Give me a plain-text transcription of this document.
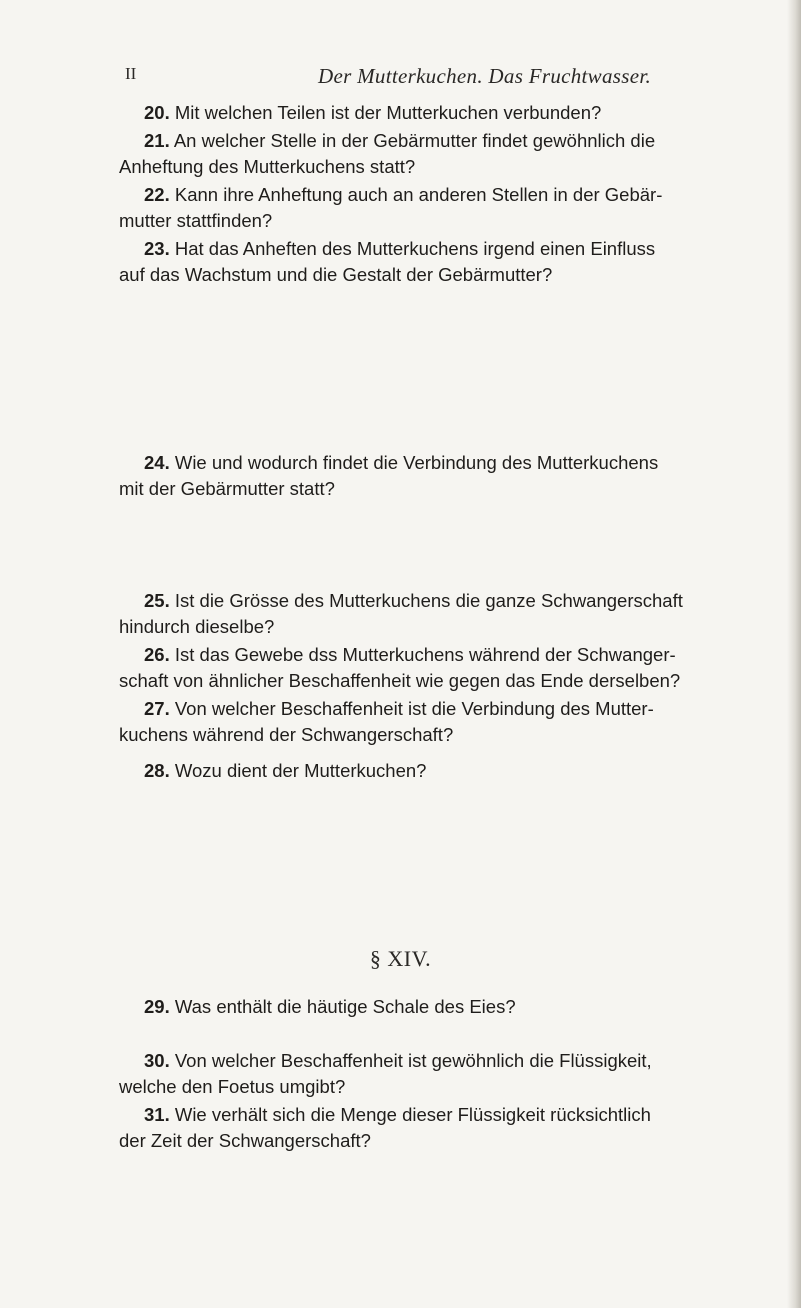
II	Der Mutterkuchen. Das Fruchtwasser.

20. Mit welchen Teilen ist der Mutterkuchen verbunden?

21. An welcher Stelle in der Gebärmutter findet gewöhnlich die
Anheftung des Mutterkuchens statt?

22. Kann ihre Anheftung auch an anderen Stellen in der Gebär-
mutter stattfinden?

23. Hat das Anheften des Mutterkuchens irgend einen Einfluss
auf das Wachstum und die Gestalt der Gebärmutter?

24. Wie und wodurch findet die Verbindung des Mutterkuchens
mit der Gebärmutter statt?

25. Ist die Grösse des Mutterkuchens die ganze Schwangerschaft
hindurch dieselbe?

26. Ist das Gewebe dss Mutterkuchens während der Schwanger-
schaft von ähnlicher Beschaffenheit wie gegen das Ende derselben?

27. Von welcher Beschaffenheit ist die Verbindung des Mutter-
kuchens während der Schwangerschaft?

28. Wozu dient der Mutterkuchen?

§ XIV.

29. Was enthält die häutige Schale des Eies?

30. Von welcher Beschaffenheit ist gewöhnlich die Flüssigkeit,
welche den Foetus umgibt?

31. Wie verhält sich die Menge dieser Flüssigkeit rücksichtlich
der Zeit der Schwangerschaft?
